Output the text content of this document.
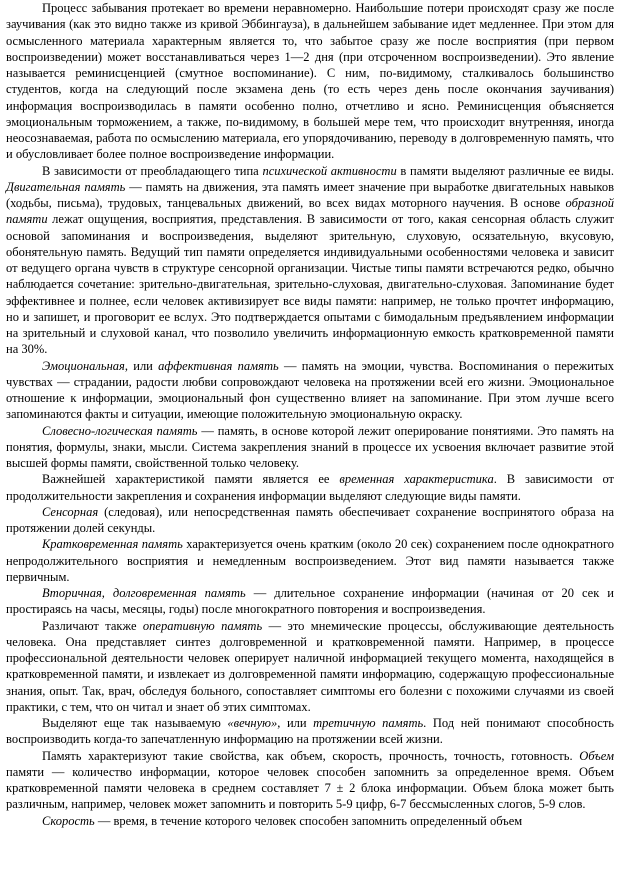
Процесс забывания протекает во времени неравномерно. Наибольшие потери происходят сразу же после заучивания (как это видно также из кривой Эббингауза), в дальнейшем забывание идет медленнее. При этом для осмысленного материала характерным является то, что забытое сразу же после восприятия (при первом воспроизведении) может восстанавливаться через 1—2 дня (при отсроченном воспроизведении). Это явление называется реминисценцией (смутное воспоминание). С ним, по-видимому, сталкивалось большинство студентов, когда на следующий после экзамена день (то есть через день после окончания заучивания) информация воспроизводилась в памяти особенно полно, отчетливо и ясно. Реминисценция объясняется эмоциональным торможением, а также, по-видимому, в большей мере тем, что происходит внутренняя, иногда неосознаваемая, работа по осмыслению материала, его упорядочиванию, переводу в долговременную память, что и обусловливает более полное воспроизведение информации.

В зависимости от преобладающего типа психической активности в памяти выделяют различные ее виды. Двигательная память — память на движения, эта память имеет значение при выработке двигательных навыков (ходьбы, письма), трудовых, танцевальных движений, во всех видах моторного научения. В основе образной памяти лежат ощущения, восприятия, представления. В зависимости от того, какая сенсорная область служит основой запоминания и воспроизведения, выделяют зрительную, слуховую, осязательную, вкусовую, обонятельную память. Ведущий тип памяти определяется индивидуальными особенностями человека и зависит от ведущего органа чувств в структуре сенсорной организации. Чистые типы памяти встречаются редко, обычно наблюдается сочетание: зрительно-двигательная, зрительно-слуховая, двигательно-слуховая. Запоминание будет эффективнее и полнее, если человек активизирует все виды памяти: например, не только прочтет информацию, но и запишет, и проговорит ее вслух. Это подтверждается опытами с бимодальным предъявлением информации на зрительный и слуховой канал, что позволило увеличить информационную емкость кратковременной памяти на 30%.

Эмоциональная, или аффективная память — память на эмоции, чувства. Воспоминания о пережитых чувствах — страдании, радости любви сопровождают человека на протяжении всей его жизни. Эмоциональное отношение к информации, эмоциональный фон существенно влияет на запоминание. При этом лучше всего запоминаются факты и ситуации, имеющие положительную эмоциональную окраску.

Словесно-логическая память — память, в основе которой лежит оперирование понятиями. Это память на понятия, формулы, знаки, мысли. Система закрепления знаний в процессе их усвоения включает развитие этой высшей формы памяти, свойственной только человеку.

Важнейшей характеристикой памяти является ее временная характеристика. В зависимости от продолжительности закрепления и сохранения информации выделяют следующие виды памяти.

Сенсорная (следовая), или непосредственная память обеспечивает сохранение воспринятого образа на протяжении долей секунды.

Кратковременная память характеризуется очень кратким (около 20 сек) сохранением после однократного непродолжительного восприятия и немедленным воспроизведением. Этот вид памяти называется также первичным.

Вторичная, долговременная память — длительное сохранение информации (начиная от 20 сек и простираясь на часы, месяцы, годы) после многократного повторения и воспроизведения.

Различают также оперативную память — это мнемические процессы, обслуживающие деятельность человека. Она представляет синтез долговременной и кратковременной памяти. Например, в процессе профессиональной деятельности человек оперирует наличной информацией текущего момента, находящейся в кратковременной памяти, и извлекает из долговременной памяти информацию, содержащую профессиональные знания, опыт. Так, врач, обследуя больного, сопоставляет симптомы его болезни с похожими случаями из своей практики, с тем, что он читал и знает об этих симптомах.

Выделяют еще так называемую «вечную», или третичную память. Под ней понимают способность воспроизводить когда-то запечатленную информацию на протяжении всей жизни.

Память характеризуют такие свойства, как объем, скорость, прочность, точность, готовность. Объем памяти — количество информации, которое человек способен запомнить за определенное время. Объем кратковременной памяти человека в среднем составляет 7 ± 2 блока информации. Объем блока может быть различным, например, человек может запомнить и повторить 5-9 цифр, 6-7 бессмысленных слогов, 5-9 слов.

Скорость — время, в течение которого человек способен запомнить определенный объем
